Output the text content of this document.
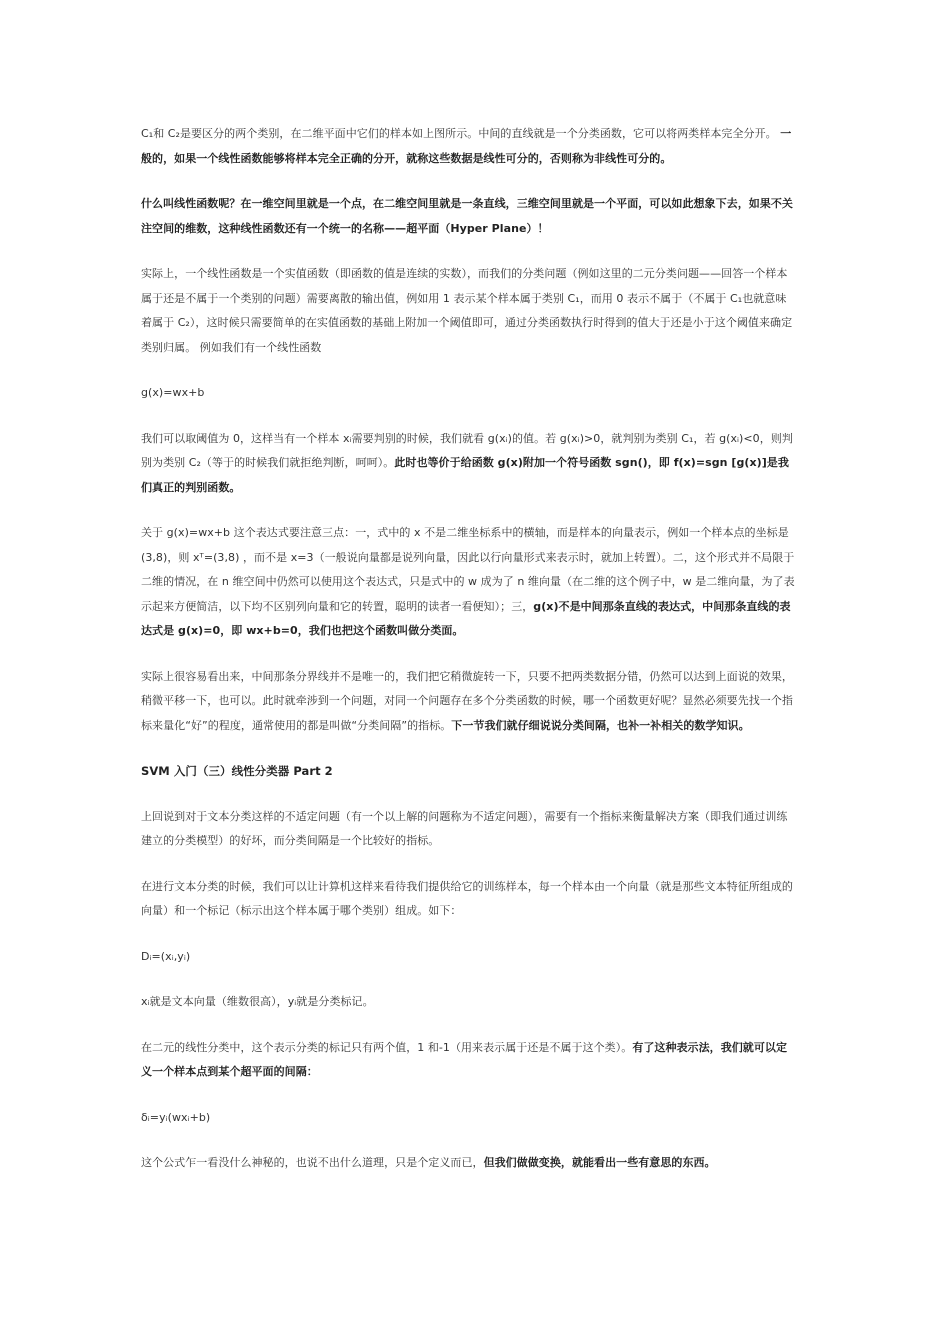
C₁和 C₂是要区分的两个类别，在二维平面中它们的样本如上图所示。中间的直线就是一个分类函数，它可以将两类样本完全分开。 一般的，如果一个线性函数能够将样本完全正确的分开，就称这些数据是线性可分的，否则称为非线性可分的。

什么叫线性函数呢？在一维空间里就是一个点，在二维空间里就是一条直线，三维空间里就是一个平面，可以如此想象下去，如果不关注空间的维数，这种线性函数还有一个统一的名称——超平面（Hyper Plane）！

实际上，一个线性函数是一个实值函数（即函数的值是连续的实数），而我们的分类问题（例如这里的二元分类问题——回答一个样本属于还是不属于一个类别的问题）需要离散的输出值，例如用 1 表示某个样本属于类别 C₁，而用 0 表示不属于（不属于 C₁也就意味着属于 C₂），这时候只需要简单的在实值函数的基础上附加一个阈值即可，通过分类函数执行时得到的值大于还是小于这个阈值来确定类别归属。 例如我们有一个线性函数

g(x)=wx+b

我们可以取阈值为 0，这样当有一个样本 xᵢ需要判别的时候，我们就看 g(xᵢ)的值。若 g(xᵢ)>0，就判别为类别 C₁，若 g(xᵢ)<0，则判别为类别 C₂（等于的时候我们就拒绝判断，呵呵）。此时也等价于给函数 g(x)附加一个符号函数 sgn()，即 f(x)=sgn [g(x)]是我们真正的判别函数。

关于 g(x)=wx+b 这个表达式要注意三点：一，式中的 x 不是二维坐标系中的横轴，而是样本的向量表示，例如一个样本点的坐标是(3,8)，则 xᵀ=(3,8) ，而不是 x=3（一般说向量都是说列向量，因此以行向量形式来表示时，就加上转置）。二，这个形式并不局限于二维的情况，在 n 维空间中仍然可以使用这个表达式，只是式中的 w 成为了 n 维向量（在二维的这个例子中，w 是二维向量，为了表示起来方便简洁，以下均不区别列向量和它的转置，聪明的读者一看便知）；三，g(x)不是中间那条直线的表达式，中间那条直线的表达式是 g(x)=0，即 wx+b=0，我们也把这个函数叫做分类面。

实际上很容易看出来，中间那条分界线并不是唯一的，我们把它稍微旋转一下，只要不把两类数据分错，仍然可以达到上面说的效果，稍微平移一下，也可以。此时就牵涉到一个问题，对同一个问题存在多个分类函数的时候，哪一个函数更好呢？显然必须要先找一个指标来量化“好”的程度，通常使用的都是叫做“分类间隔”的指标。下一节我们就仔细说说分类间隔，也补一补相关的数学知识。

SVM 入门（三）线性分类器 Part 2

上回说到对于文本分类这样的不适定问题（有一个以上解的问题称为不适定问题），需要有一个指标来衡量解决方案（即我们通过训练建立的分类模型）的好坏，而分类间隔是一个比较好的指标。

在进行文本分类的时候，我们可以让计算机这样来看待我们提供给它的训练样本，每一个样本由一个向量（就是那些文本特征所组成的向量）和一个标记（标示出这个样本属于哪个类别）组成。如下：

Dᵢ=(xᵢ,yᵢ)

xᵢ就是文本向量（维数很高），yᵢ就是分类标记。

在二元的线性分类中，这个表示分类的标记只有两个值，1 和-1（用来表示属于还是不属于这个类）。有了这种表示法，我们就可以定义一个样本点到某个超平面的间隔：

δᵢ=yᵢ(wxᵢ+b)

这个公式乍一看没什么神秘的，也说不出什么道理，只是个定义而已，但我们做做变换，就能看出一些有意思的东西。
